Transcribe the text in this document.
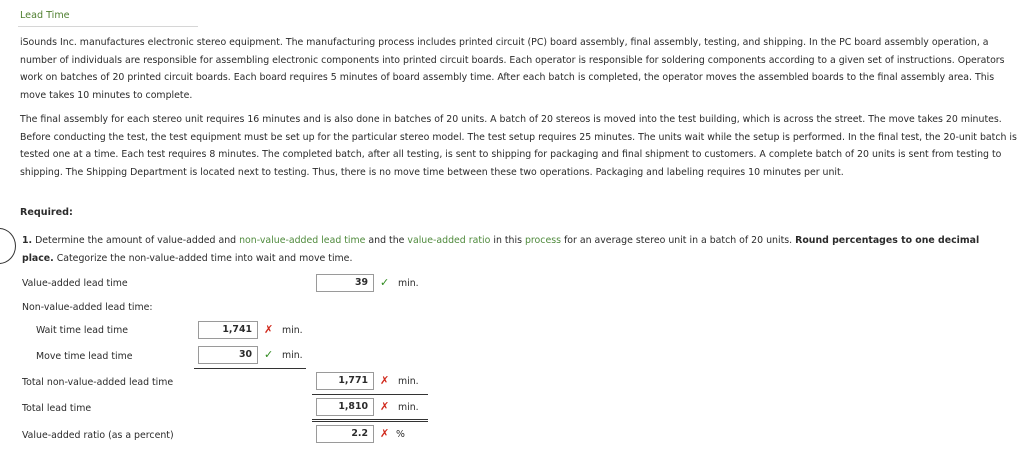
Lead Time
iSounds Inc. manufactures electronic stereo equipment. The manufacturing process includes printed circuit (PC) board assembly, final assembly, testing, and shipping. In the PC board assembly operation, a number of individuals are responsible for assembling electronic components into printed circuit boards. Each operator is responsible for soldering components according to a given set of instructions. Operators work on batches of 20 printed circuit boards. Each board requires 5 minutes of board assembly time. After each batch is completed, the operator moves the assembled boards to the final assembly area. This move takes 10 minutes to complete.
The final assembly for each stereo unit requires 16 minutes and is also done in batches of 20 units. A batch of 20 stereos is moved into the test building, which is across the street. The move takes 20 minutes. Before conducting the test, the test equipment must be set up for the particular stereo model. The test setup requires 25 minutes. The units wait while the setup is performed. In the final test, the 20-unit batch is tested one at a time. Each test requires 8 minutes. The completed batch, after all testing, is sent to shipping for packaging and final shipment to customers. A complete batch of 20 units is sent from testing to shipping. The Shipping Department is located next to testing. Thus, there is no move time between these two operations. Packaging and labeling requires 10 minutes per unit.
Required:
1. Determine the amount of value-added and non-value-added lead time and the value-added ratio in this process for an average stereo unit in a batch of 20 units. Round percentages to one decimal place. Categorize the non-value-added time into wait and move time.
Value-added lead time	39	✓ min.
Non-value-added lead time:
Wait time lead time	1,741	✗ min.
Move time lead time	30	✓ min.
Total non-value-added lead time	1,771	✗ min.
Total lead time	1,810	✗ min.
Value-added ratio (as a percent)	2.2	✗ %
